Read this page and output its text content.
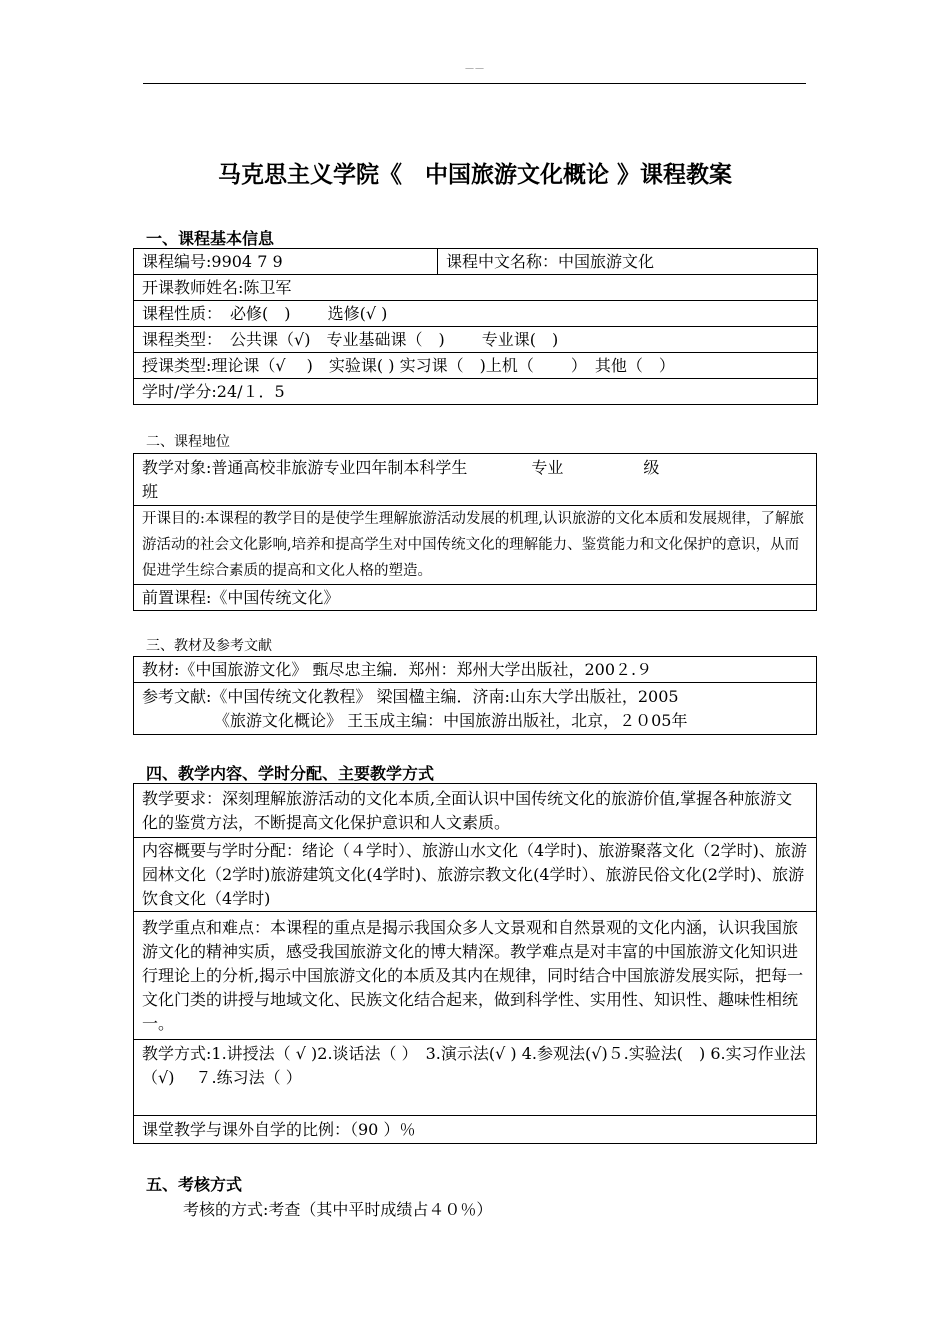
——
马克思主义学院《　中国旅游文化概论 》课程教案
一、课程基本信息
课程编号:9904 7 9	课程中文名称：中国旅游文化
开课教师姓名:陈卫军
课程性质：　必修(　)　　 选修(√ )
课程类型：　公共课（√)　专业基础课（　)　　 专业课(　)
授课类型:理论课（√　 )　实验课( ) 实习课（　)上机（　　 ）　其他（　）
学时/学分:24/１．5
二、课程地位
教学对象:普通高校非旅游专业四年制本科学生　　　　专业　　　　　级
班
开课目的:本课程的教学目的是使学生理解旅游活动发展的机理,认识旅游的文化本质和发展规律，了解旅游活动的社会文化影响,培养和提高学生对中国传统文化的理解能力、鉴赏能力和文化保护的意识，从而促进学生综合素质的提高和文化人格的塑造。
前置课程:《中国传统文化》
三、教材及参考文献
教材:《中国旅游文化》 甄尽忠主编．郑州：郑州大学出版社，200２.９
参考文献:《中国传统文化教程》 梁国楹主编．济南:山东大学出版社，2005
　　　　　《旅游文化概论》 王玉成主编：中国旅游出版社，北京，２０05年
四、教学内容、学时分配、主要教学方式
教学要求：深刻理解旅游活动的文化本质,全面认识中国传统文化的旅游价值,掌握各种旅游文化的鉴赏方法，不断提高文化保护意识和人文素质。
内容概要与学时分配：绪论（４学时）、旅游山水文化（4学时)、旅游聚落文化（2学时)、旅游园林文化（2学时)旅游建筑文化(4学时)、旅游宗教文化(4学时）、旅游民俗文化(2学时)、旅游饮食文化（4学时)
教学重点和难点：本课程的重点是揭示我国众多人文景观和自然景观的文化内涵，认识我国旅游文化的精神实质，感受我国旅游文化的博大精深。教学难点是对丰富的中国旅游文化知识进行理论上的分析,揭示中国旅游文化的本质及其内在规律，同时结合中国旅游发展实际，把每一文化门类的讲授与地域文化、民族文化结合起来，做到科学性、实用性、知识性、趣味性相统一。
教学方式:1.讲授法（ √ )2.谈话法（ ）　3.演示法(√ ) 4.参观法(√)５.实验法(　) 6.实习作业法（√)　 ７.练习法（ ）
课堂教学与课外自学的比例：（90 ）％
五、考核方式
考核的方式:考查（其中平时成绩占４０％）
